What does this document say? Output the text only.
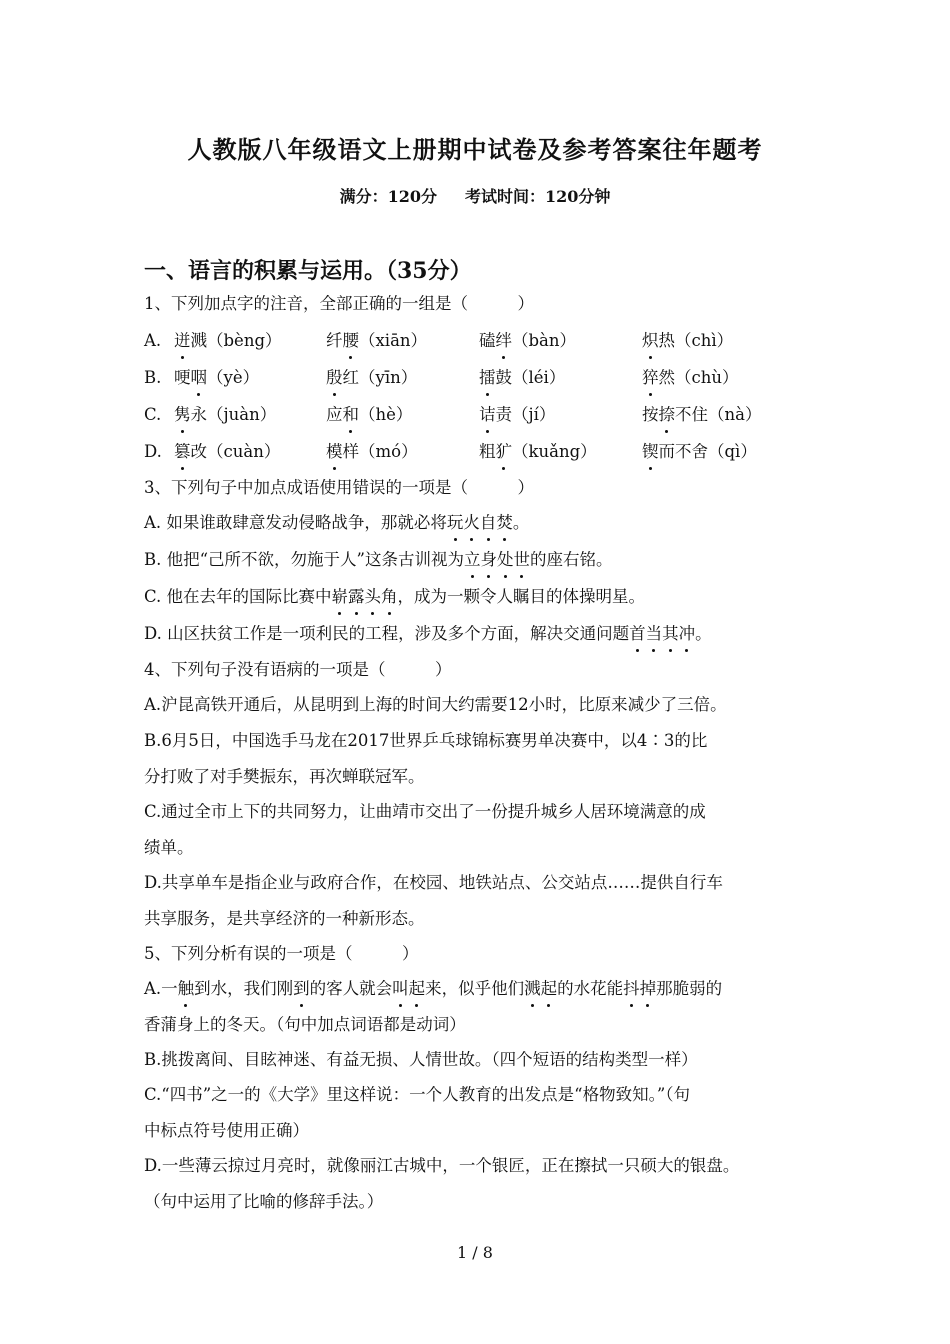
人教版八年级语文上册期中试卷及参考答案往年题考
满分：120分 考试时间：120分钟
一、语言的积累与运用。（35分）
1、下列加点字的注音，全部正确的一组是（　　　）
A. 迸溅（bèng）	纤腰（xiān）	磕绊（bàn）	炽热（chì）
B. 哽咽（yè）	殷红（yīn）	擂鼓（léi）	猝然（chù）
C. 隽永（juàn）	应和（hè）	诘责（jí）	按捺不住（nà）
D. 篡改（cuàn）	模样（mó）	粗犷（kuǎng）	锲而不舍（qì）
3、下列句子中加点成语使用错误的一项是（　　　）
A. 如果谁敢肆意发动侵略战争，那就必将玩火自焚。
B. 他把“己所不欲，勿施于人”这条古训视为立身处世的座右铭。
C. 他在去年的国际比赛中崭露头角，成为一颗令人瞩目的体操明星。
D. 山区扶贫工作是一项利民的工程，涉及多个方面，解决交通问题首当其冲。
4、下列句子没有语病的一项是（　　　）
A.沪昆高铁开通后，从昆明到上海的时间大约需要12小时，比原来减少了三倍。
B.6月5日，中国选手马龙在2017世界乒乓球锦标赛男单决赛中，以4∶3的比
分打败了对手樊振东，再次蝉联冠军。
C.通过全市上下的共同努力，让曲靖市交出了一份提升城乡人居环境满意的成
绩单。
D.共享单车是指企业与政府合作，在校园、地铁站点、公交站点……提供自行车
共享服务，是共享经济的一种新形态。
5、下列分析有误的一项是（　　　）
A.一触到水，我们刚到的客人就会叫起来，似乎他们溅起的水花能抖掉那脆弱的
香蒲身上的冬天。（句中加点词语都是动词）
B.挑拨离间、目眩神迷、有益无损、人情世故。（四个短语的结构类型一样）
C.“四书”之一的《大学》里这样说：一个人教育的出发点是“格物致知。”（句
中标点符号使用正确）
D.一些薄云掠过月亮时，就像丽江古城中，一个银匠，正在擦拭一只硕大的银盘。
（句中运用了比喻的修辞手法。）
1 / 8
